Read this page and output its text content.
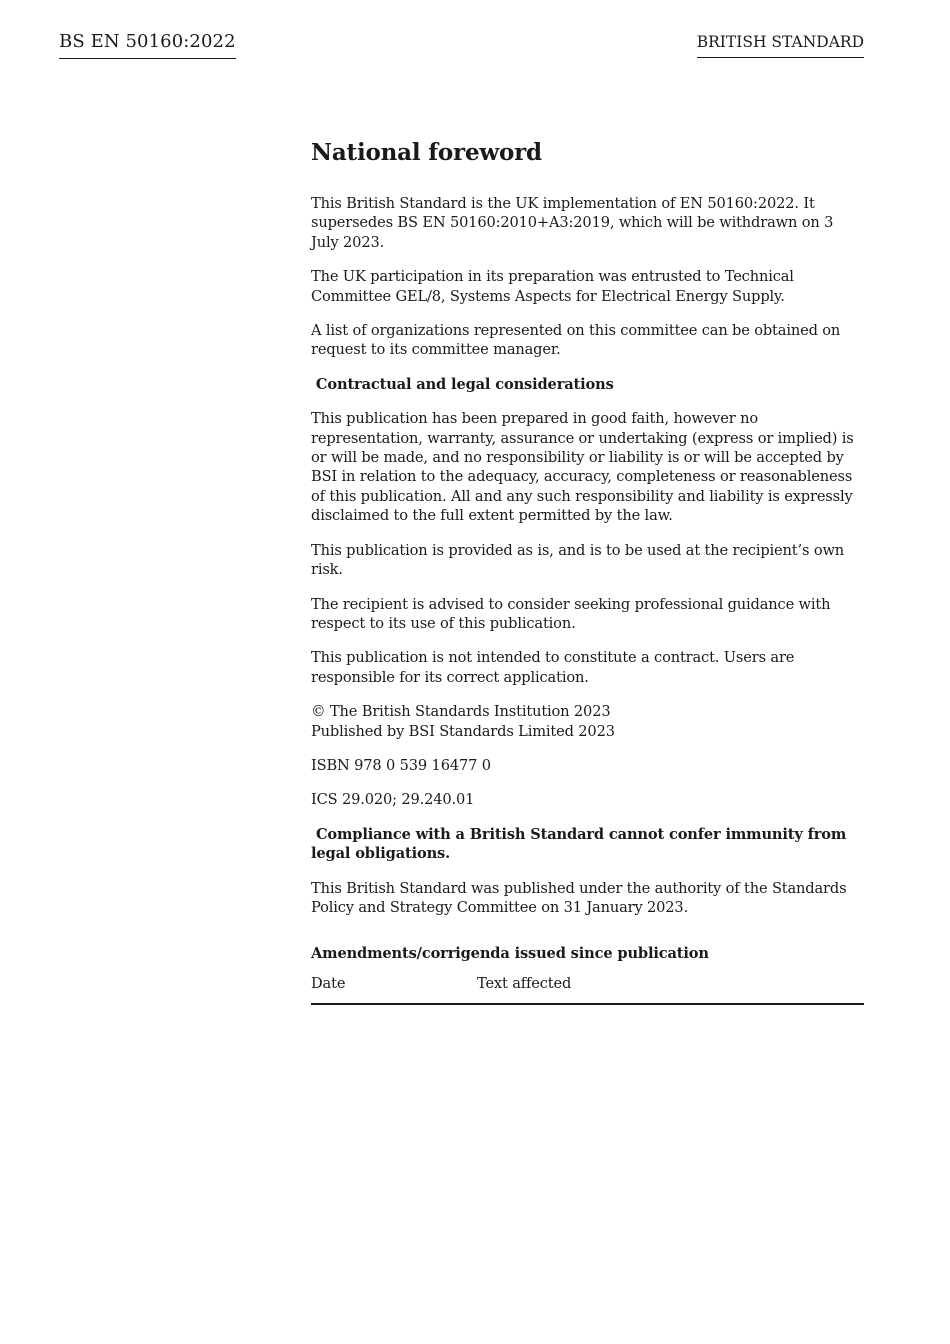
BS EN 50160:2022	BRITISH STANDARD
National foreword

This British Standard is the UK implementation of EN 50160:2022. It supersedes BS EN 50160:2010+A3:2019, which will be withdrawn on 3 July 2023.

The UK participation in its preparation was entrusted to Technical Committee GEL/8, Systems Aspects for Electrical Energy Supply.

A list of organizations represented on this committee can be obtained on request to its committee manager.

Contractual and legal considerations

This publication has been prepared in good faith, however no representation, warranty, assurance or undertaking (express or implied) is or will be made, and no responsibility or liability is or will be accepted by BSI in relation to the adequacy, accuracy, completeness or reasonableness of this publication. All and any such responsibility and liability is expressly disclaimed to the full extent permitted by the law.

This publication is provided as is, and is to be used at the recipient’s own risk.

The recipient is advised to consider seeking professional guidance with respect to its use of this publication.

This publication is not intended to constitute a contract. Users are responsible for its correct application.

© The British Standards Institution 2023
Published by BSI Standards Limited 2023

ISBN 978 0 539 16477 0

ICS 29.020; 29.240.01

Compliance with a British Standard cannot confer immunity from legal obligations.

This British Standard was published under the authority of the Standards Policy and Strategy Committee on 31 January 2023.

Amendments/corrigenda issued since publication
Date	Text affected
